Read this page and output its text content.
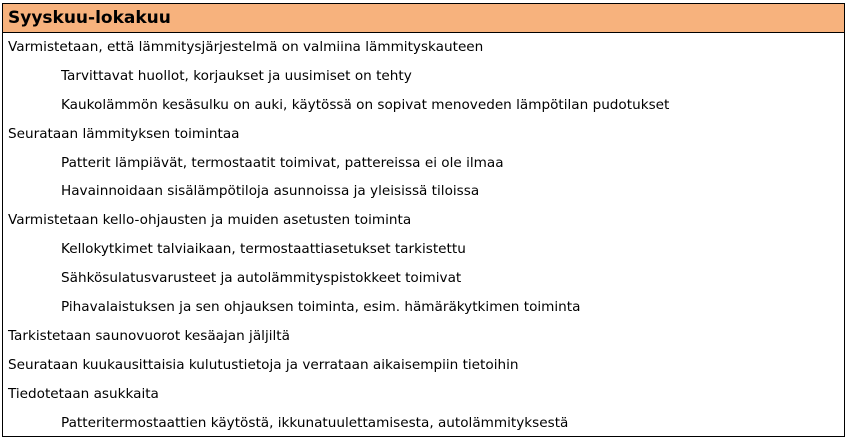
Syyskuu-lokakuu
Varmistetaan, että lämmitysjärjestelmä on valmiina lämmityskauteen
Tarvittavat huollot, korjaukset ja uusimiset on tehty
Kaukolämmön kesäsulku on auki, käytössä on sopivat menoveden lämpötilan pudotukset
Seurataan lämmityksen toimintaa
Patterit lämpiävät, termostaatit toimivat, pattereissa ei ole ilmaa
Havainnoidaan sisälämpötiloja asunnoissa ja yleisissä tiloissa
Varmistetaan kello-ohjausten ja muiden asetusten toiminta
Kellokytkimet talviaikaan, termostaattiasetukset tarkistettu
Sähkösulatusvarusteet ja autolämmityspistokkeet toimivat
Pihavalaistuksen ja sen ohjauksen toiminta, esim. hämäräkytkimen toiminta
Tarkistetaan saunovuorot kesäajan jäljiltä
Seurataan kuukausittaisia kulutustietoja ja verrataan aikaisempiin tietoihin
Tiedotetaan asukkaita
Patteritermostaattien käytöstä, ikkunatuulettamisesta, autolämmityksestä
